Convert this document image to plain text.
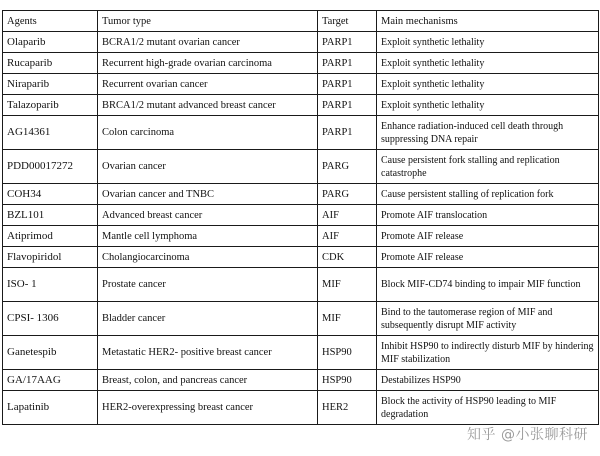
Agents	Tumor type	Target	Main mechanisms
Olaparib	BCRA1/2 mutant ovarian cancer	PARP1	Exploit synthetic lethality
Rucaparib	Recurrent high-grade ovarian carcinoma	PARP1	Exploit synthetic lethality
Niraparib	Recurrent ovarian cancer	PARP1	Exploit synthetic lethality
Talazoparib	BRCA1/2 mutant advanced breast cancer	PARP1	Exploit synthetic lethality
AG14361	Colon carcinoma	PARP1	Enhance radiation-induced cell death through suppressing DNA repair
PDD00017272	Ovarian cancer	PARG	Cause persistent fork stalling and replication catastrophe
COH34	Ovarian cancer and TNBC	PARG	Cause persistent stalling of replication fork
BZL101	Advanced breast cancer	AIF	Promote AIF translocation
Atiprimod	Mantle cell lymphoma	AIF	Promote AIF release
Flavopiridol	Cholangiocarcinoma	CDK	Promote AIF release
ISO- 1	Prostate cancer	MIF	Block MIF-CD74 binding to impair MIF function
CPSI- 1306	Bladder cancer	MIF	Bind to the tautomerase region of MIF and subsequently disrupt MIF activity
Ganetespib	Metastatic HER2- positive breast cancer	HSP90	Inhibit HSP90 to indirectly disturb MIF by hindering MIF stabilization
GA/17AAG	Breast, colon, and pancreas cancer	HSP90	Destabilizes HSP90
Lapatinib	HER2-overexpressing breast cancer	HER2	Block the activity of HSP90 leading to MIF degradation
知乎 @小张聊科研
